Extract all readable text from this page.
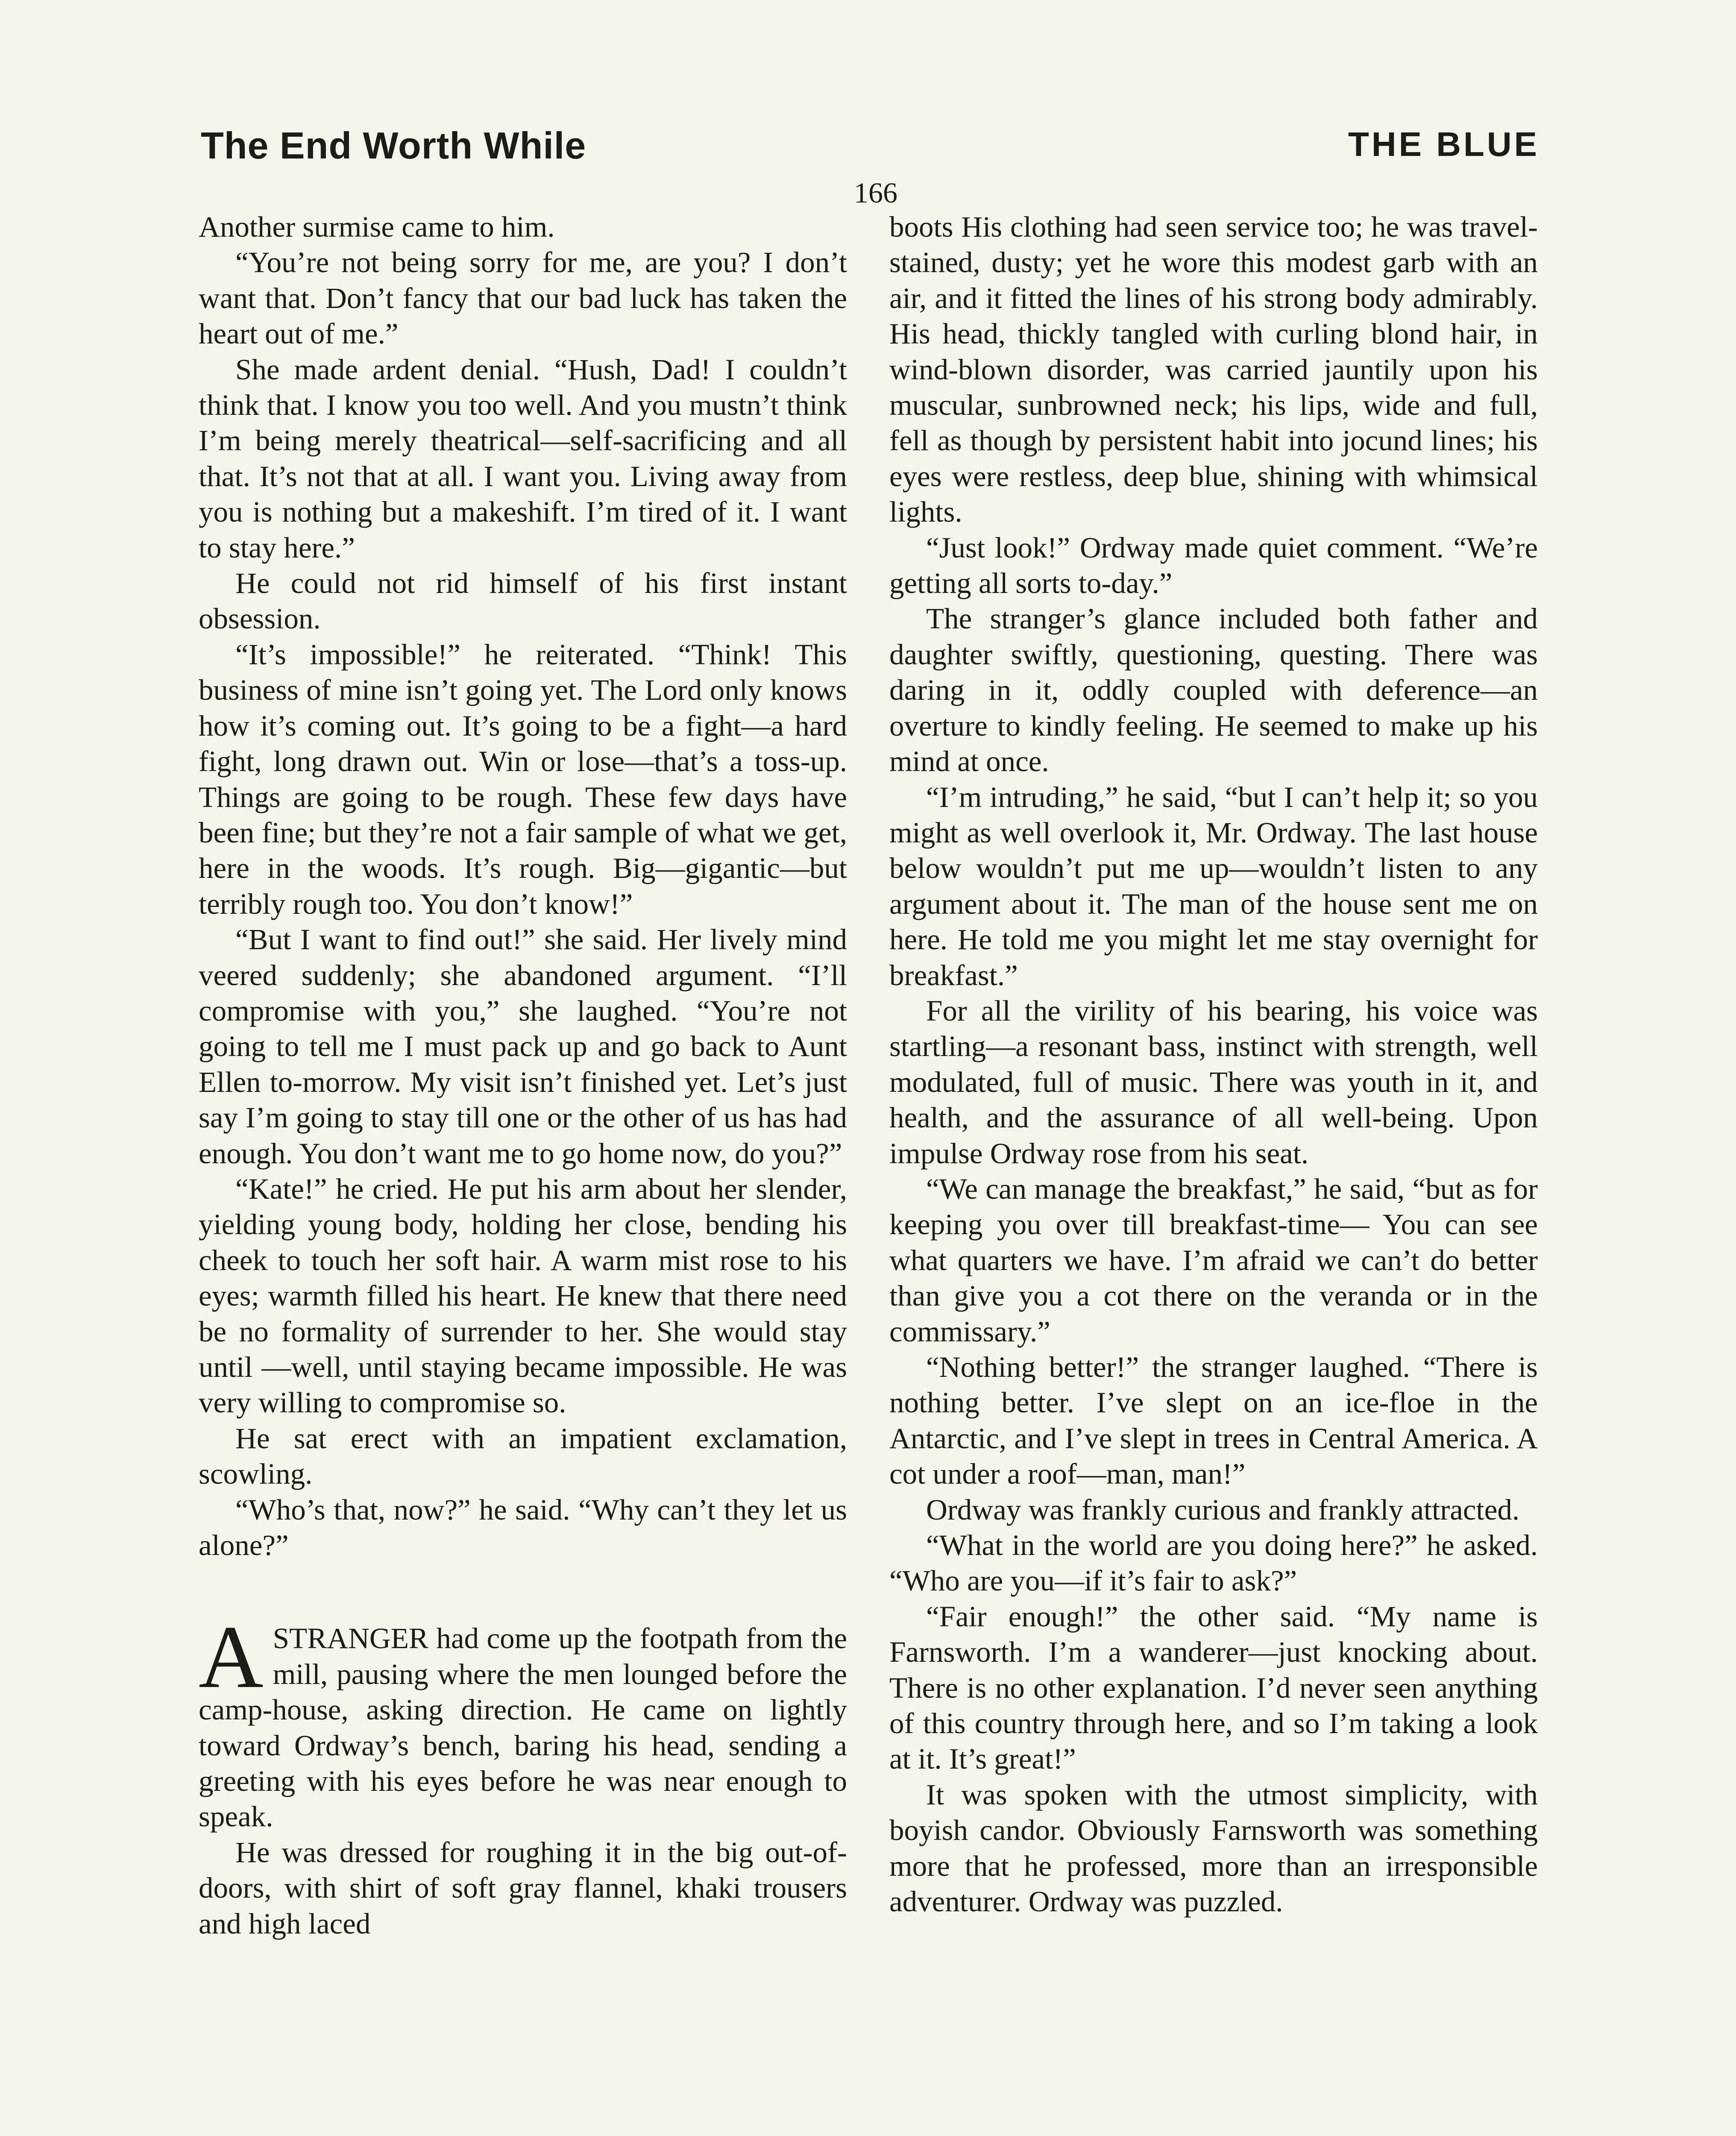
The End Worth While	THE BLUE
166

Another surmise came to him.

“You’re not being sorry for me, are you? I don’t want that. Don’t fancy that our bad luck has taken the heart out of me.”

She made ardent denial. “Hush, Dad! I couldn’t think that. I know you too well. And you mustn’t think I’m being merely theatrical—self-sacrificing and all that. It’s not that at all. I want you. Living away from you is nothing but a makeshift. I’m tired of it. I want to stay here.”

He could not rid himself of his first instant obsession.

“It’s impossible!” he reiterated. “Think! This business of mine isn’t going yet. The Lord only knows how it’s coming out. It’s going to be a fight—a hard fight, long drawn out. Win or lose—that’s a toss-up. Things are going to be rough. These few days have been fine; but they’re not a fair sample of what we get, here in the woods. It’s rough. Big—gigantic—but terribly rough too. You don’t know!”

“But I want to find out!” she said. Her lively mind veered suddenly; she abandoned argument. “I’ll compromise with you,” she laughed. “You’re not going to tell me I must pack up and go back to Aunt Ellen to-morrow. My visit isn’t finished yet. Let’s just say I’m going to stay till one or the other of us has had enough. You don’t want me to go home now, do you?”

“Kate!” he cried. He put his arm about her slender, yielding young body, holding her close, bending his cheek to touch her soft hair. A warm mist rose to his eyes; warmth filled his heart. He knew that there need be no formality of surrender to her. She would stay until —well, until staying became impossible. He was very willing to compromise so.

He sat erect with an impatient exclamation, scowling.

“Who’s that, now?” he said. “Why can’t they let us alone?”

ASTRANGER had come up the footpath from the mill, pausing where the men lounged before the camp-house, asking direction. He came on lightly toward Ordway’s bench, baring his head, sending a greeting with his eyes before he was near enough to speak.

He was dressed for roughing it in the big out-of-doors, with shirt of soft gray flannel, khaki trousers and high laced

boots His clothing had seen service too; he was travel-stained, dusty; yet he wore this modest garb with an air, and it fitted the lines of his strong body admirably. His head, thickly tangled with curling blond hair, in wind-blown disorder, was carried jauntily upon his muscular, sunbrowned neck; his lips, wide and full, fell as though by persistent habit into jocund lines; his eyes were restless, deep blue, shining with whimsical lights.

“Just look!” Ordway made quiet comment. “We’re getting all sorts to-day.”

The stranger’s glance included both father and daughter swiftly, questioning, questing. There was daring in it, oddly coupled with deference—an overture to kindly feeling. He seemed to make up his mind at once.

“I’m intruding,” he said, “but I can’t help it; so you might as well overlook it, Mr. Ordway. The last house below wouldn’t put me up—wouldn’t listen to any argument about it. The man of the house sent me on here. He told me you might let me stay overnight for breakfast.”

For all the virility of his bearing, his voice was startling—a resonant bass, instinct with strength, well modulated, full of music. There was youth in it, and health, and the assurance of all well-being. Upon impulse Ordway rose from his seat.

“We can manage the breakfast,” he said, “but as for keeping you over till breakfast-time— You can see what quarters we have. I’m afraid we can’t do better than give you a cot there on the veranda or in the commissary.”

“Nothing better!” the stranger laughed. “There is nothing better. I’ve slept on an ice-floe in the Antarctic, and I’ve slept in trees in Central America. A cot under a roof—man, man!”

Ordway was frankly curious and frankly attracted.

“What in the world are you doing here?” he asked. “Who are you—if it’s fair to ask?”

“Fair enough!” the other said. “My name is Farnsworth. I’m a wanderer—just knocking about. There is no other explanation. I’d never seen anything of this country through here, and so I’m taking a look at it. It’s great!”

It was spoken with the utmost simplicity, with boyish candor. Obviously Farnsworth was something more that he professed, more than an irresponsible adventurer. Ordway was puzzled.
